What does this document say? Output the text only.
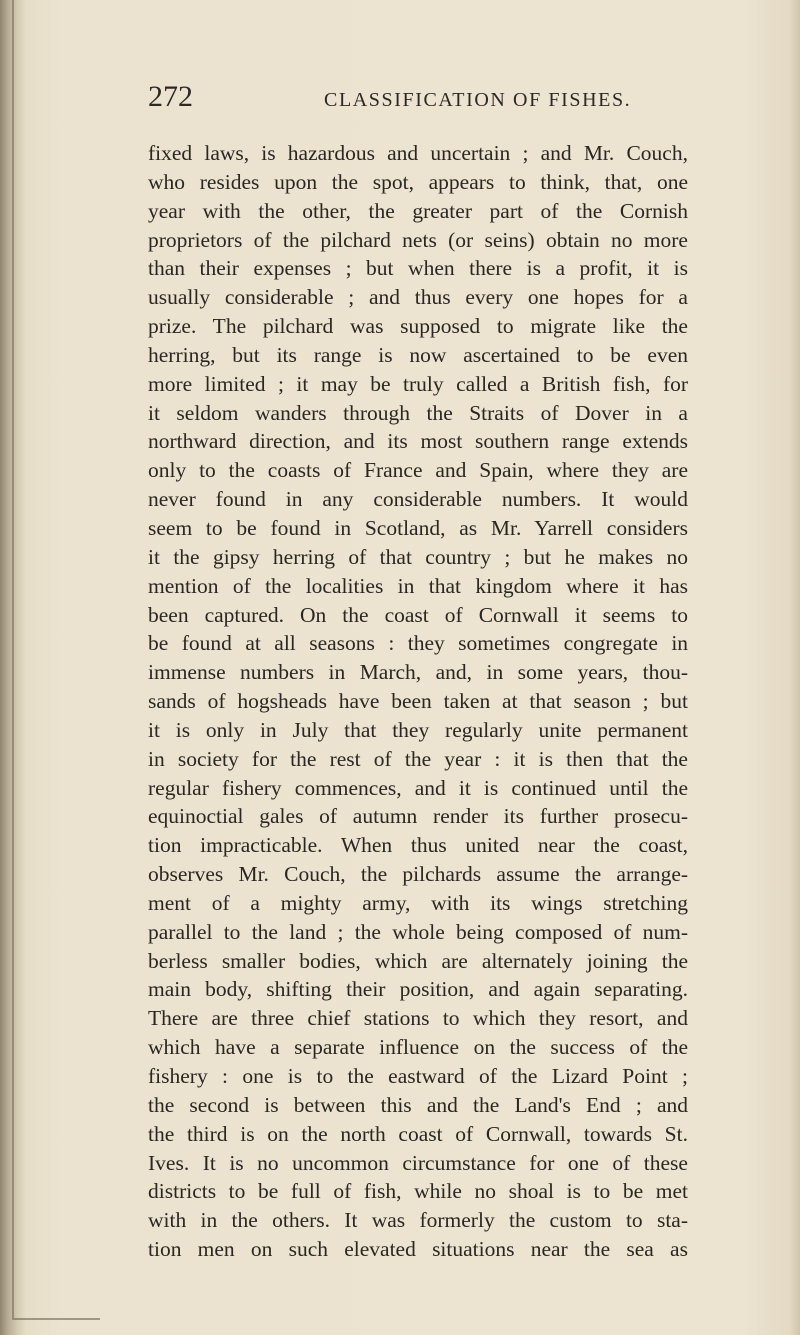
272	CLASSIFICATION OF FISHES.
fixed laws, is hazardous and uncertain ; and Mr. Couch,
who resides upon the spot, appears to think, that, one
year with the other, the greater part of the Cornish
proprietors of the pilchard nets (or seins) obtain no more
than their expenses ; but when there is a profit, it is
usually considerable ; and thus every one hopes for a
prize. The pilchard was supposed to migrate like the
herring, but its range is now ascertained to be even
more limited ; it may be truly called a British fish, for
it seldom wanders through the Straits of Dover in a
northward direction, and its most southern range extends
only to the coasts of France and Spain, where they are
never found in any considerable numbers. It would
seem to be found in Scotland, as Mr. Yarrell considers
it the gipsy herring of that country ; but he makes no
mention of the localities in that kingdom where it has
been captured. On the coast of Cornwall it seems to
be found at all seasons : they sometimes congregate in
immense numbers in March, and, in some years, thou-
sands of hogsheads have been taken at that season ; but
it is only in July that they regularly unite permanent
in society for the rest of the year : it is then that the
regular fishery commences, and it is continued until the
equinoctial gales of autumn render its further prosecu-
tion impracticable. When thus united near the coast,
observes Mr. Couch, the pilchards assume the arrange-
ment of a mighty army, with its wings stretching
parallel to the land ; the whole being composed of num-
berless smaller bodies, which are alternately joining the
main body, shifting their position, and again separating.
There are three chief stations to which they resort, and
which have a separate influence on the success of the
fishery : one is to the eastward of the Lizard Point ;
the second is between this and the Land's End ; and
the third is on the north coast of Cornwall, towards St.
Ives. It is no uncommon circumstance for one of these
districts to be full of fish, while no shoal is to be met
with in the others. It was formerly the custom to sta-
tion men on such elevated situations near the sea as
